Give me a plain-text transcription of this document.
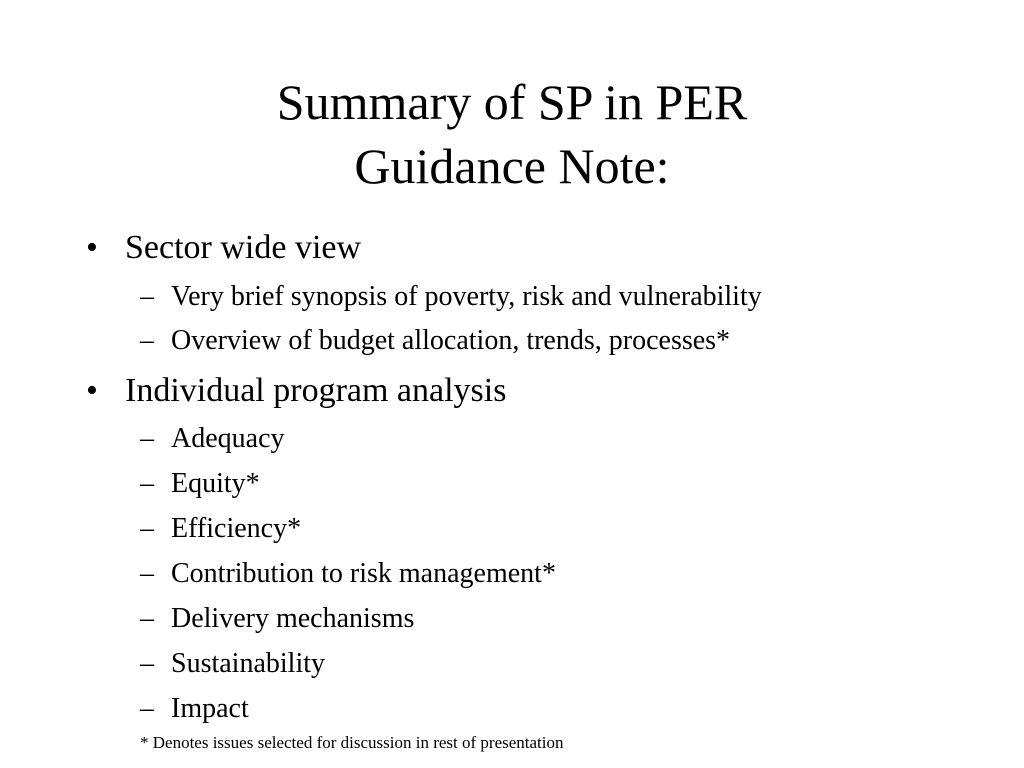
Summary of SP in PER
Guidance Note:
• Sector wide view
– Very brief synopsis of poverty, risk and vulnerability
– Overview of budget allocation, trends, processes*
• Individual program analysis
– Adequacy
– Equity*
– Efficiency*
– Contribution to risk management*
– Delivery mechanisms
– Sustainability
– Impact
* Denotes issues selected for discussion in rest of presentation
